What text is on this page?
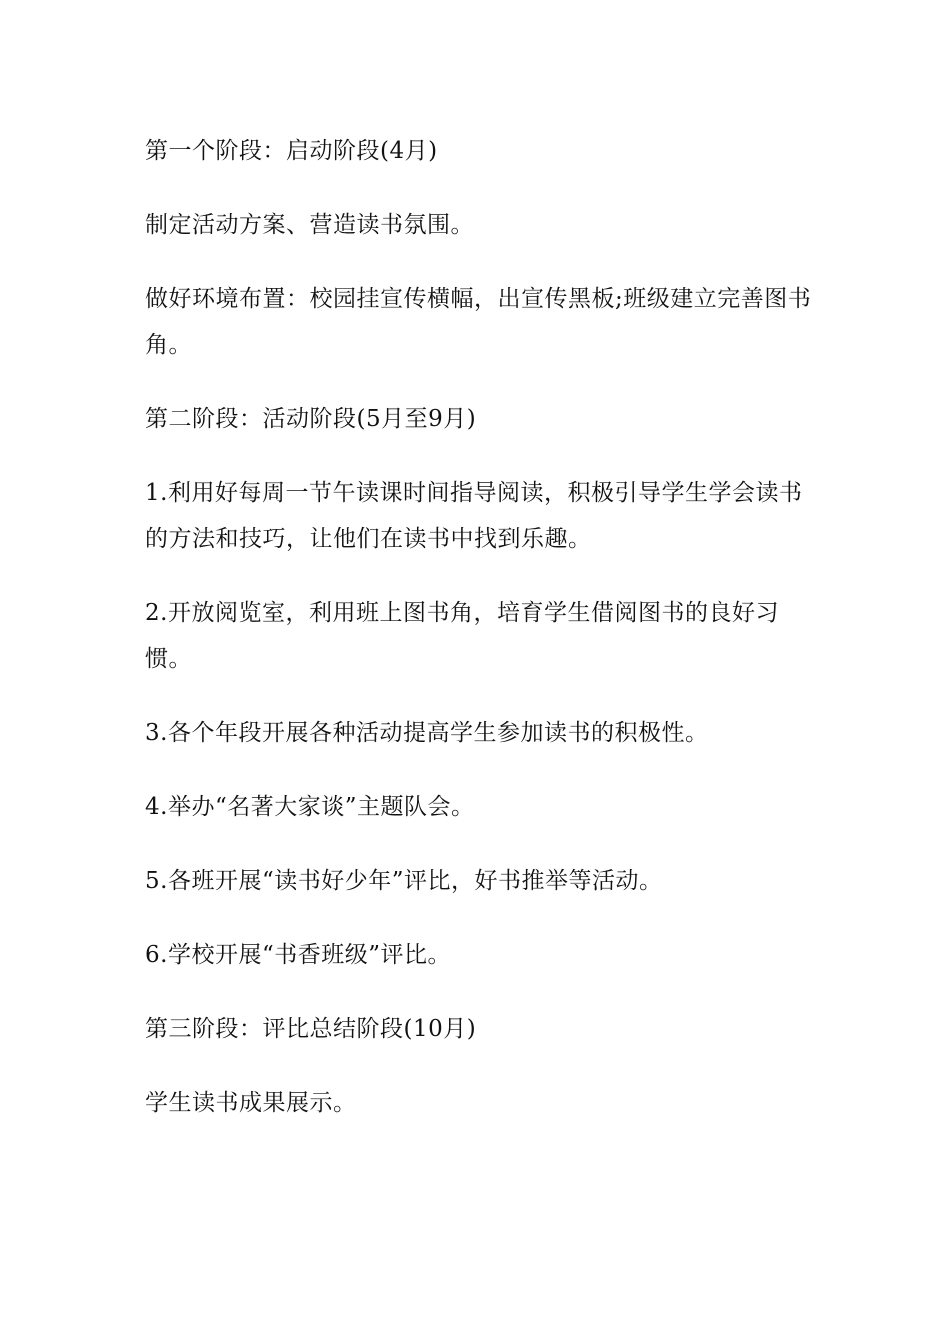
第一个阶段：启动阶段(4月)

制定活动方案、营造读书氛围。

做好环境布置：校园挂宣传横幅，出宣传黑板;班级建立完善图书角。

第二阶段：活动阶段(5月至9月)

1.利用好每周一节午读课时间指导阅读，积极引导学生学会读书的方法和技巧，让他们在读书中找到乐趣。

2.开放阅览室，利用班上图书角，培育学生借阅图书的良好习惯。

3.各个年段开展各种活动提高学生参加读书的积极性。

4.举办“名著大家谈”主题队会。

5.各班开展“读书好少年”评比，好书推举等活动。

6.学校开展“书香班级”评比。

第三阶段：评比总结阶段(10月)

学生读书成果展示。
